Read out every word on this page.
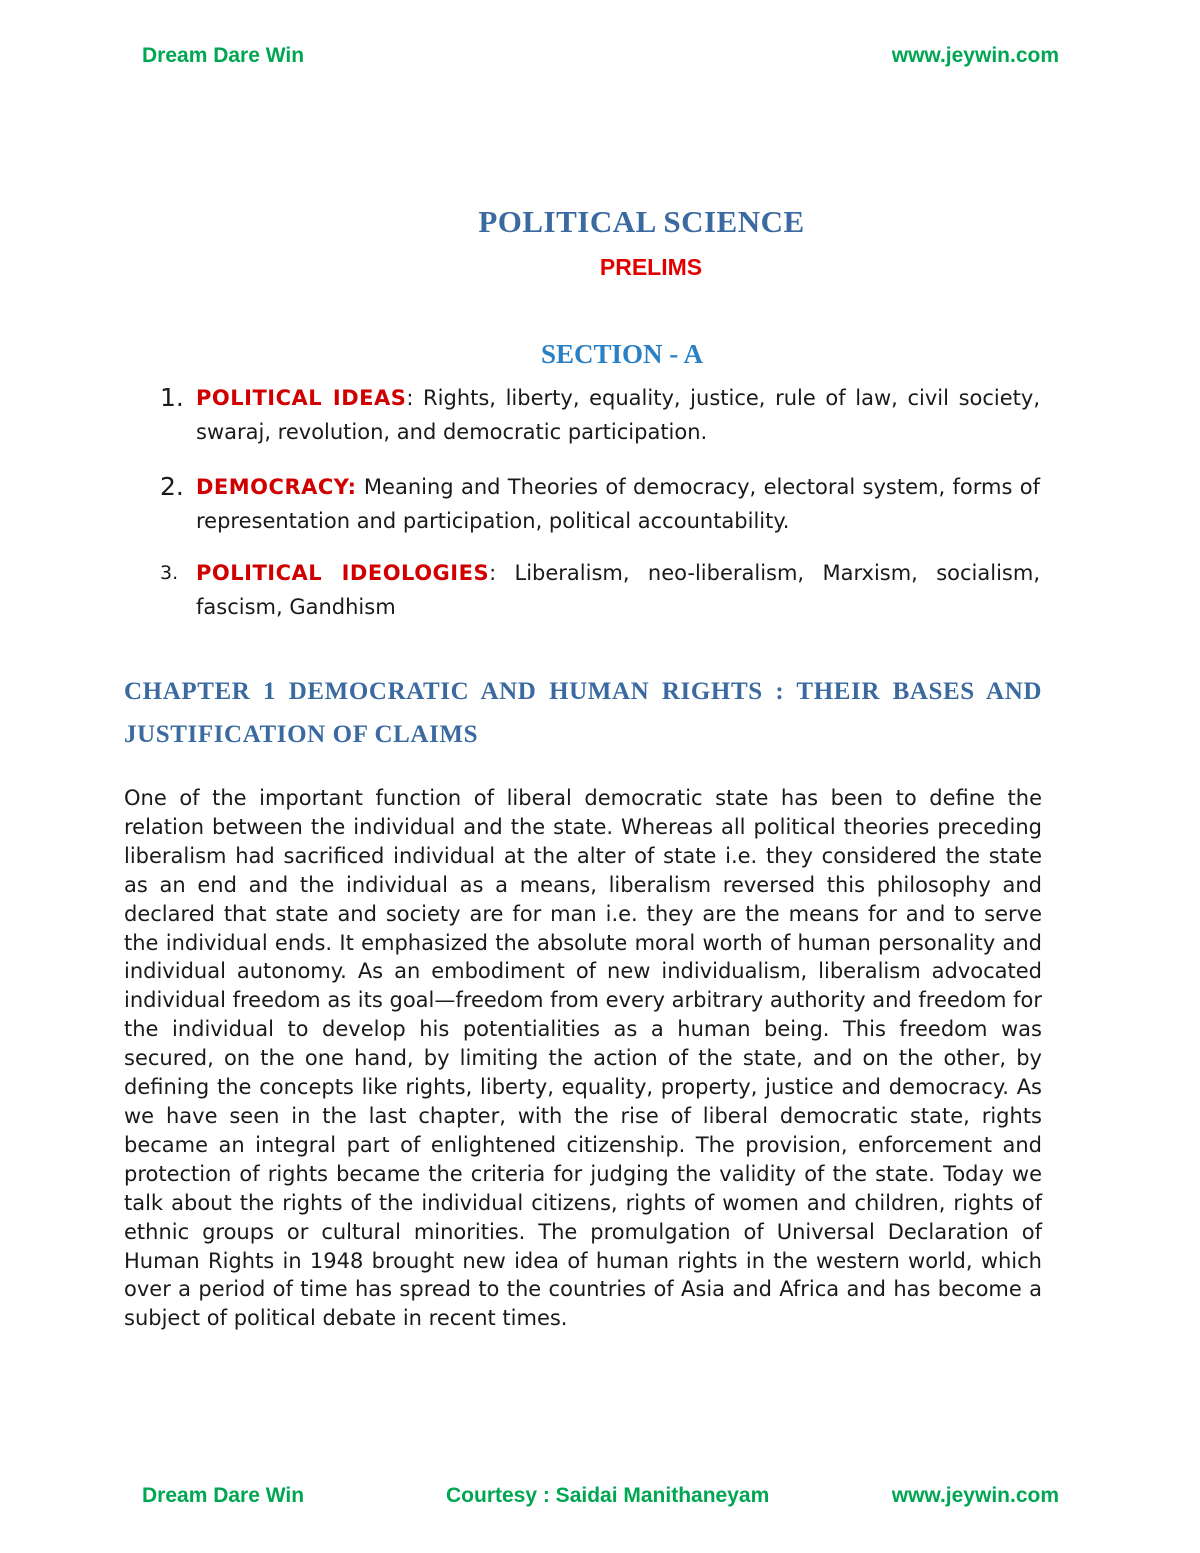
Dream Dare Win	www.jeywin.com
POLITICAL SCIENCE
PRELIMS
SECTION - A
1. POLITICAL IDEAS: Rights, liberty, equality, justice, rule of law, civil society, swaraj, revolution, and democratic participation.
2. DEMOCRACY: Meaning and Theories of democracy, electoral system, forms of representation and participation, political accountability.
3. POLITICAL IDEOLOGIES: Liberalism, neo-liberalism, Marxism, socialism, fascism, Gandhism
CHAPTER 1 DEMOCRATIC AND HUMAN RIGHTS : THEIR BASES AND JUSTIFICATION OF CLAIMS
One of the important function of liberal democratic state has been to define the relation between the individual and the state. Whereas all political theories preceding liberalism had sacrificed individual at the alter of state i.e. they considered the state as an end and the individual as a means, liberalism reversed this philosophy and declared that state and society are for man i.e. they are the means for and to serve the individual ends. It emphasized the absolute moral worth of human personality and individual autonomy. As an embodiment of new individualism, liberalism advocated individual freedom as its goal—freedom from every arbitrary authority and freedom for the individual to develop his potentialities as a human being. This freedom was secured, on the one hand, by limiting the action of the state, and on the other, by defining the concepts like rights, liberty, equality, property, justice and democracy. As we have seen in the last chapter, with the rise of liberal democratic state, rights became an integral part of enlightened citizenship. The provision, enforcement and protection of rights became the criteria for judging the validity of the state. Today we talk about the rights of the individual citizens, rights of women and children, rights of ethnic groups or cultural minorities. The promulgation of Universal Declaration of Human Rights in 1948 brought new idea of human rights in the western world, which over a period of time has spread to the countries of Asia and Africa and has become a subject of political debate in recent times.
Dream Dare Win	Courtesy : Saidai Manithaneyam	www.jeywin.com
